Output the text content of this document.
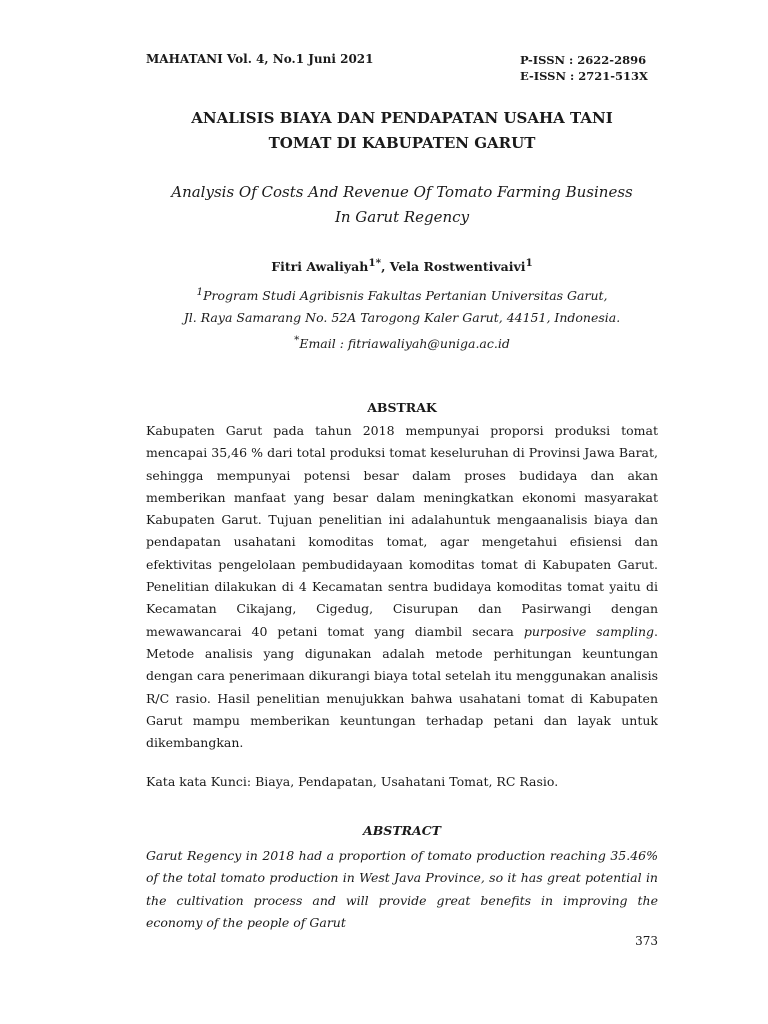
MAHATANI Vol. 4, No.1 Juni 2021	P-ISSN : 2622-2896
E-ISSN : 2721-513X
ANALISIS BIAYA DAN PENDAPATAN USAHA TANI
TOMAT DI KABUPATEN GARUT
Analysis Of Costs And Revenue Of Tomato Farming Business
In Garut Regency
Fitri Awaliyah$^{1*}$, Vela Rostwentivaivi$^1$
$^1$Program Studi Agribisnis Fakultas Pertanian Universitas Garut,
Jl. Raya Samarang No. 52A Tarogong Kaler Garut, 44151, Indonesia.
*Email : fitriawaliyah@uniga.ac.id
ABSTRAK
Kabupaten Garut pada tahun 2018 mempunyai proporsi produksi tomat mencapai 35,46 % dari total produksi tomat keseluruhan di Provinsi Jawa Barat, sehingga mempunyai potensi besar dalam proses budidaya dan akan memberikan manfaat yang besar dalam meningkatkan ekonomi masyarakat Kabupaten Garut. Tujuan penelitian ini adalahuntuk mengaanalisis biaya dan pendapatan usahatani komoditas tomat, agar mengetahui efisiensi dan efektivitas pengelolaan pembudidayaan komoditas tomat di Kabupaten Garut. Penelitian dilakukan di 4 Kecamatan sentra budidaya komoditas tomat yaitu di Kecamatan Cikajang, Cigedug, Cisurupan dan Pasirwangi dengan mewawancarai 40 petani tomat yang diambil secara purposive sampling. Metode analisis yang digunakan adalah metode perhitungan keuntungan dengan cara penerimaan dikurangi biaya total setelah itu menggunakan analisis R/C rasio. Hasil penelitian menujukkan bahwa usahatani tomat di Kabupaten Garut mampu memberikan keuntungan terhadap petani dan layak untuk dikembangkan.
Kata kata Kunci: Biaya, Pendapatan, Usahatani Tomat, RC Rasio.
ABSTRACT
Garut Regency in 2018 had a proportion of tomato production reaching 35.46% of the total tomato production in West Java Province, so it has great potential in the cultivation process and will provide great benefits in improving the economy of the people of Garut
373
